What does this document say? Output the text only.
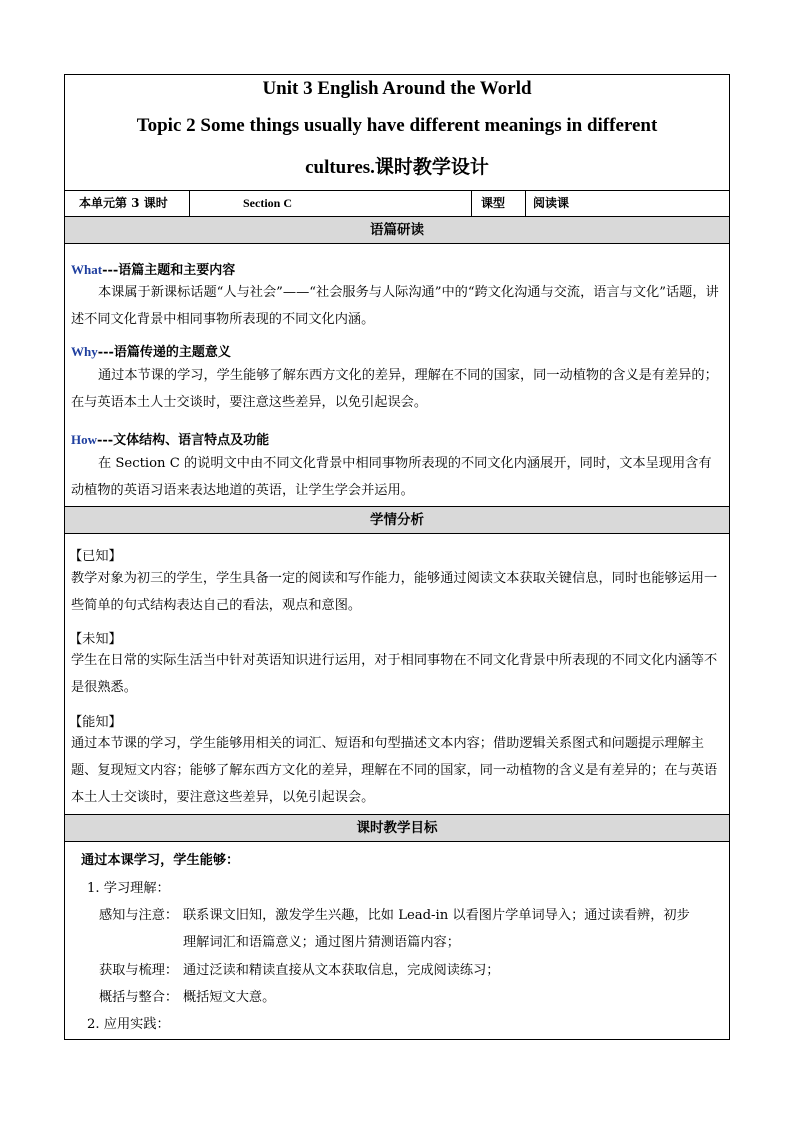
Unit 3 English Around the World
Topic 2 Some things usually have different meanings in different
cultures.课时教学设计
本单元第 3 课时	Section C	课型	阅读课
语篇研读
What---语篇主题和主要内容
本课属于新课标话题“人与社会”——“社会服务与人际沟通”中的“跨文化沟通与交流，语言与文化”话题，讲述不同文化背景中相同事物所表现的不同文化内涵。
Why---语篇传递的主题意义
通过本节课的学习，学生能够了解东西方文化的差异，理解在不同的国家，同一动植物的含义是有差异的；在与英语本土人士交谈时，要注意这些差异，以免引起误会。
How---文体结构、语言特点及功能
在 Section C 的说明文中由不同文化背景中相同事物所表现的不同文化内涵展开，同时，文本呈现用含有动植物的英语习语来表达地道的英语，让学生学会并运用。
学情分析
【已知】
教学对象为初三的学生，学生具备一定的阅读和写作能力，能够通过阅读文本获取关键信息，同时也能够运用一些简单的句式结构表达自己的看法，观点和意图。
【未知】
学生在日常的实际生活当中针对英语知识进行运用，对于相同事物在不同文化背景中所表现的不同文化内涵等不是很熟悉。
【能知】
通过本节课的学习，学生能够用相关的词汇、短语和句型描述文本内容；借助逻辑关系图式和问题提示理解主题、复现短文内容；能够了解东西方文化的差异，理解在不同的国家，同一动植物的含义是有差异的；在与英语本土人士交谈时，要注意这些差异，以免引起误会。
课时教学目标
通过本课学习，学生能够：
1. 学习理解：
感知与注意： 联系课文旧知，激发学生兴趣，比如 Lead-in 以看图片学单词导入；通过读看辨，初步
理解词汇和语篇意义；通过图片猜测语篇内容；
获取与梳理： 通过泛读和精读直接从文本获取信息，完成阅读练习；
概括与整合： 概括短文大意。
2. 应用实践：
